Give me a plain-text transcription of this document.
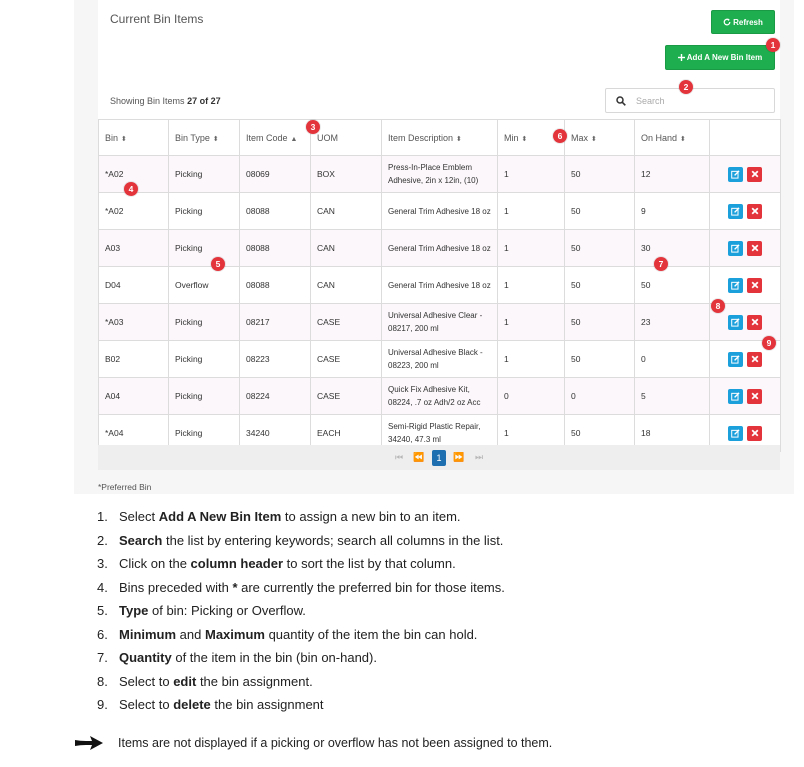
Current Bin Items	Refresh
Add A New Bin Item
Showing Bin Items 27 of 27
Search
Bin ⬍	Bin Type ⬍	Item Code ▲	UOM	Item Description ⬍	Min ⬍	Max ⬍	On Hand ⬍	
*A02	Picking	08069	BOX	Press-In-Place Emblem Adhesive, 2in x 12in, (10)	1	50	12	

*A02	Picking	08088	CAN	General Trim Adhesive 18 oz	1	50	9	

A03	Picking	08088	CAN	General Trim Adhesive 18 oz	1	50	30	

D04	Overflow	08088	CAN	General Trim Adhesive 18 oz	1	50	50	

*A03	Picking	08217	CASE	Universal Adhesive Clear - 08217, 200 ml	1	50	23	

B02	Picking	08223	CASE	Universal Adhesive Black - 08223, 200 ml	1	50	0	

A04	Picking	08224	CASE	Quick Fix Adhesive Kit, 08224, .7 oz Adh/2 oz Acc	0	0	5	

*A04	Picking	34240	EACH	Semi-Rigid Plastic Repair, 34240, 47.3 ml	1	50	18	
⏮	⏪	1	⏩	⏭
*Preferred Bin
1
2
3
4
5
6
7
8
9
1. Select Add A New Bin Item to assign a new bin to an item.
2. Search the list by entering keywords; search all columns in the list.
3. Click on the column header to sort the list by that column.
4. Bins preceded with * are currently the preferred bin for those items.
5. Type of bin: Picking or Overflow.
6. Minimum and Maximum quantity of the item the bin can hold.
7. Quantity of the item in the bin (bin on-hand).
8. Select to edit the bin assignment.
9. Select to delete the bin assignment
Items are not displayed if a picking or overflow has not been assigned to them.
